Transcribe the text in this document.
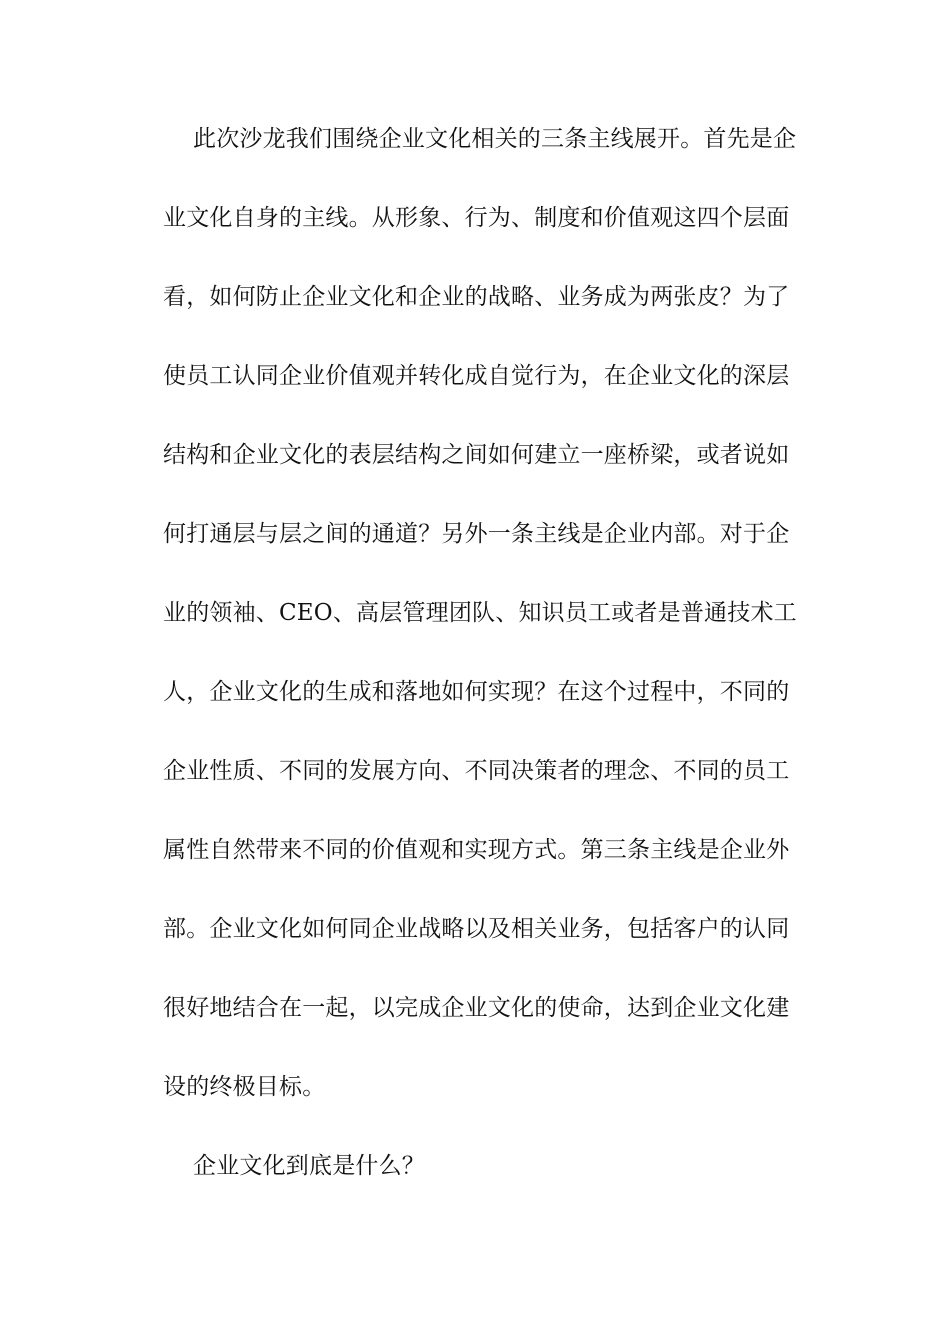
此次沙龙我们围绕企业文化相关的三条主线展开。首先是企
业文化自身的主线。从形象、行为、制度和价值观这四个层面
看，如何防止企业文化和企业的战略、业务成为两张皮？为了
使员工认同企业价值观并转化成自觉行为，在企业文化的深层
结构和企业文化的表层结构之间如何建立一座桥梁，或者说如
何打通层与层之间的通道？另外一条主线是企业内部。对于企
业的领袖、CEO、高层管理团队、知识员工或者是普通技术工
人，企业文化的生成和落地如何实现？在这个过程中，不同的
企业性质、不同的发展方向、不同决策者的理念、不同的员工
属性自然带来不同的价值观和实现方式。第三条主线是企业外
部。企业文化如何同企业战略以及相关业务，包括客户的认同
很好地结合在一起，以完成企业文化的使命，达到企业文化建
设的终极目标。
企业文化到底是什么？
